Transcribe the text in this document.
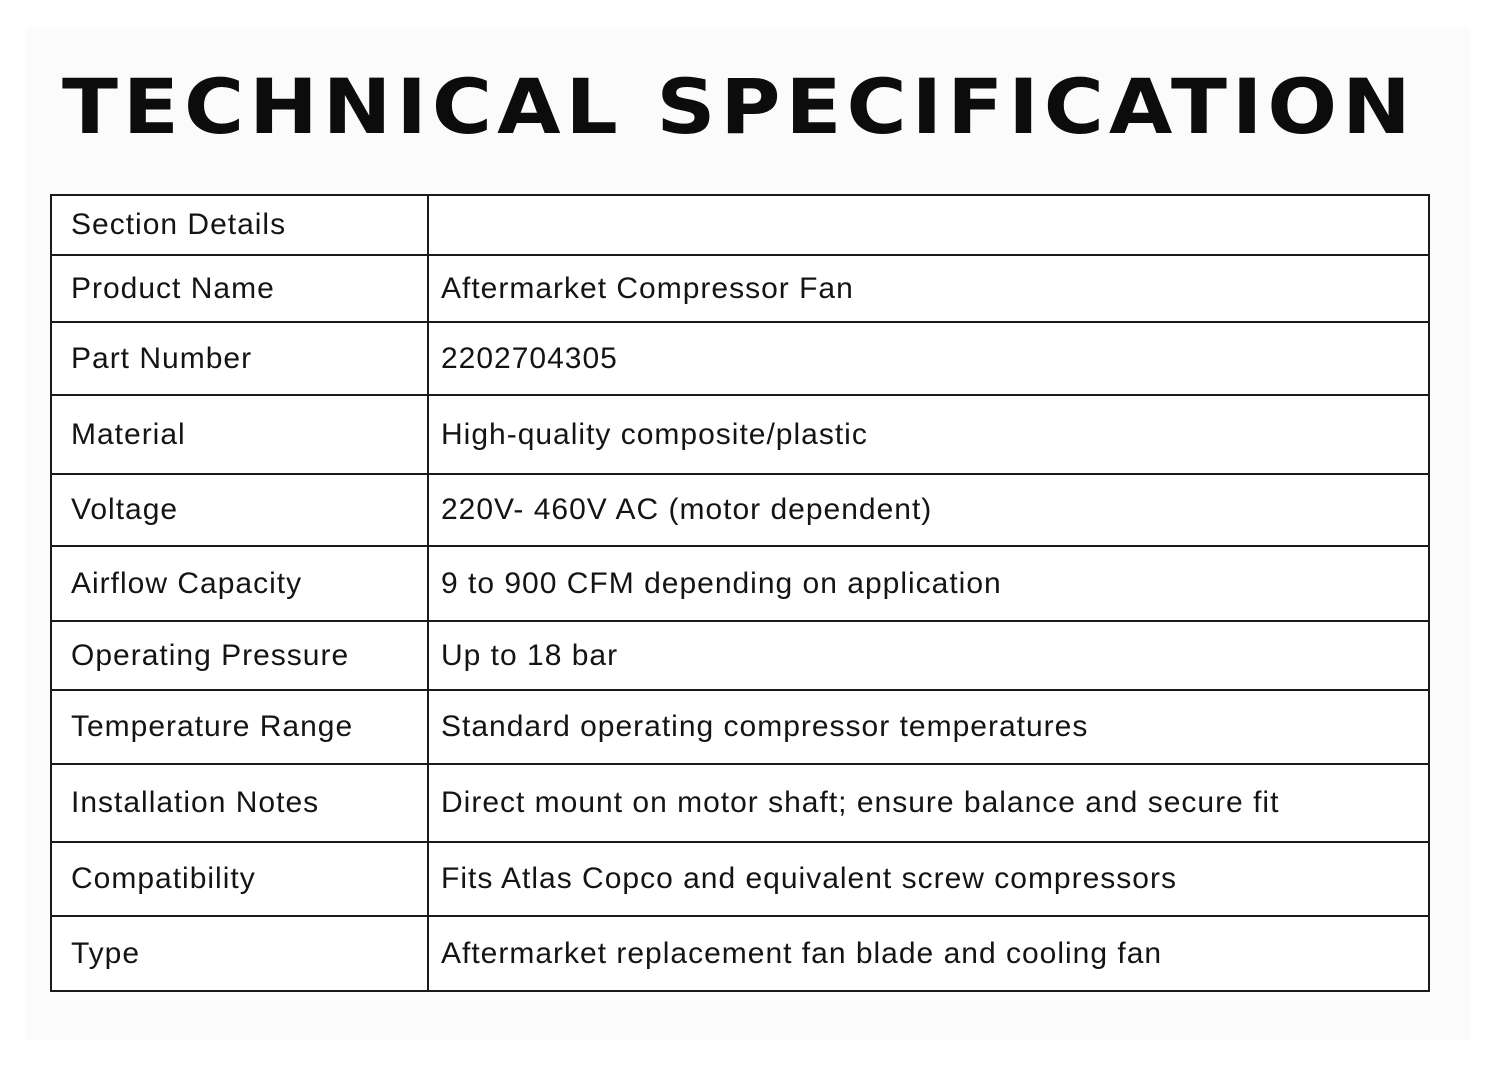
TECHNICAL SPECIFICATION
Section Details	
Product Name	Aftermarket Compressor Fan
Part Number	2202704305
Material	High-quality composite/plastic
Voltage	220V- 460V AC (motor dependent)
Airflow Capacity	9 to 900 CFM depending on application
Operating Pressure	Up to 18 bar
Temperature Range	Standard operating compressor temperatures
Installation Notes	Direct mount on motor shaft; ensure balance and secure fit
Compatibility	Fits Atlas Copco and equivalent screw compressors
Type	Aftermarket replacement fan blade and cooling fan
